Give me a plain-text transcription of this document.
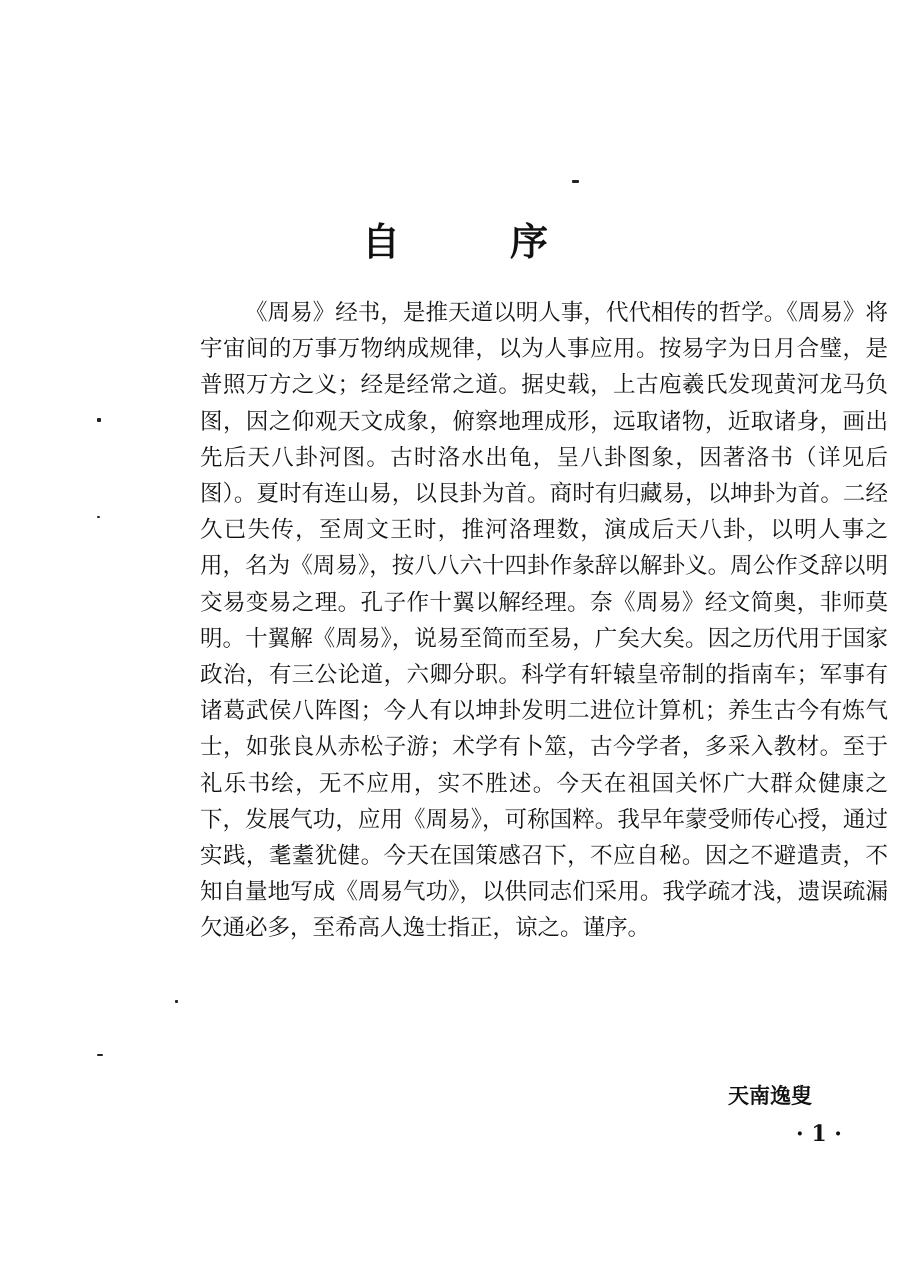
自	序

《周易》经书，是推天道以明人事，代代相传的哲学。《周易》将宇宙间的万事万物纳成规律，以为人事应用。按易字为日月合璧，是普照万方之义；经是经常之道。据史载，上古庖羲氏发现黄河龙马负图，因之仰观天文成象，俯察地理成形，远取诸物，近取诸身，画出先后天八卦河图。古时洛水出龟，呈八卦图象，因著洛书（详见后图）。夏时有连山易，以艮卦为首。商时有归藏易，以坤卦为首。二经久已失传，至周文王时，推河洛理数，演成后天八卦，以明人事之用，名为《周易》，按八八六十四卦作彖辞以解卦义。周公作爻辞以明交易变易之理。孔子作十翼以解经理。奈《周易》经文简奥，非师莫明。十翼解《周易》，说易至简而至易，广矣大矣。因之历代用于国家政治，有三公论道，六卿分职。科学有轩辕皇帝制的指南车；军事有诸葛武侯八阵图；今人有以坤卦发明二进位计算机；养生古今有炼气士，如张良从赤松子游；术学有卜筮，古今学者，多采入教材。至于礼乐书绘，无不应用，实不胜述。今天在祖国关怀广大群众健康之下，发展气功，应用《周易》，可称国粹。我早年蒙受师传心授，通过实践，耄耋犹健。今天在国策感召下，不应自秘。因之不避遣责，不知自量地写成《周易气功》，以供同志们采用。我学疏才浅，遗误疏漏欠通必多，至希高人逸士指正，谅之。谨序。

天南逸叟
· 1 ·
